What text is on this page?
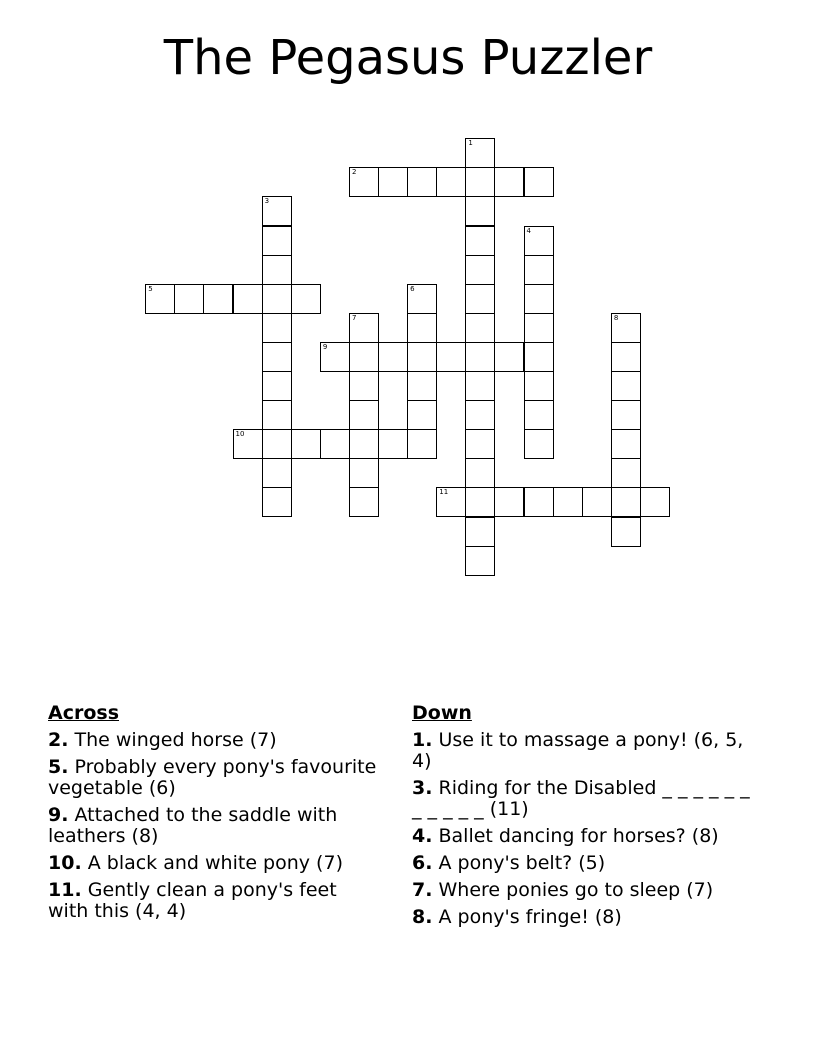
The Pegasus Puzzler
1
2
3
4
5	6
7	8
9
10
11
Across
2. The winged horse (7)
5. Probably every pony's favourite vegetable (6)
9. Attached to the saddle with leathers (8)
10. A black and white pony (7)
11. Gently clean a pony's feet with this (4, 4)
Down
1. Use it to massage a pony! (6, 5, 4)
3. Riding for the Disabled _ _ _ _ _ _ _ _ _ _ _ (11)
4. Ballet dancing for horses? (8)
6. A pony's belt? (5)
7. Where ponies go to sleep (7)
8. A pony's fringe! (8)
